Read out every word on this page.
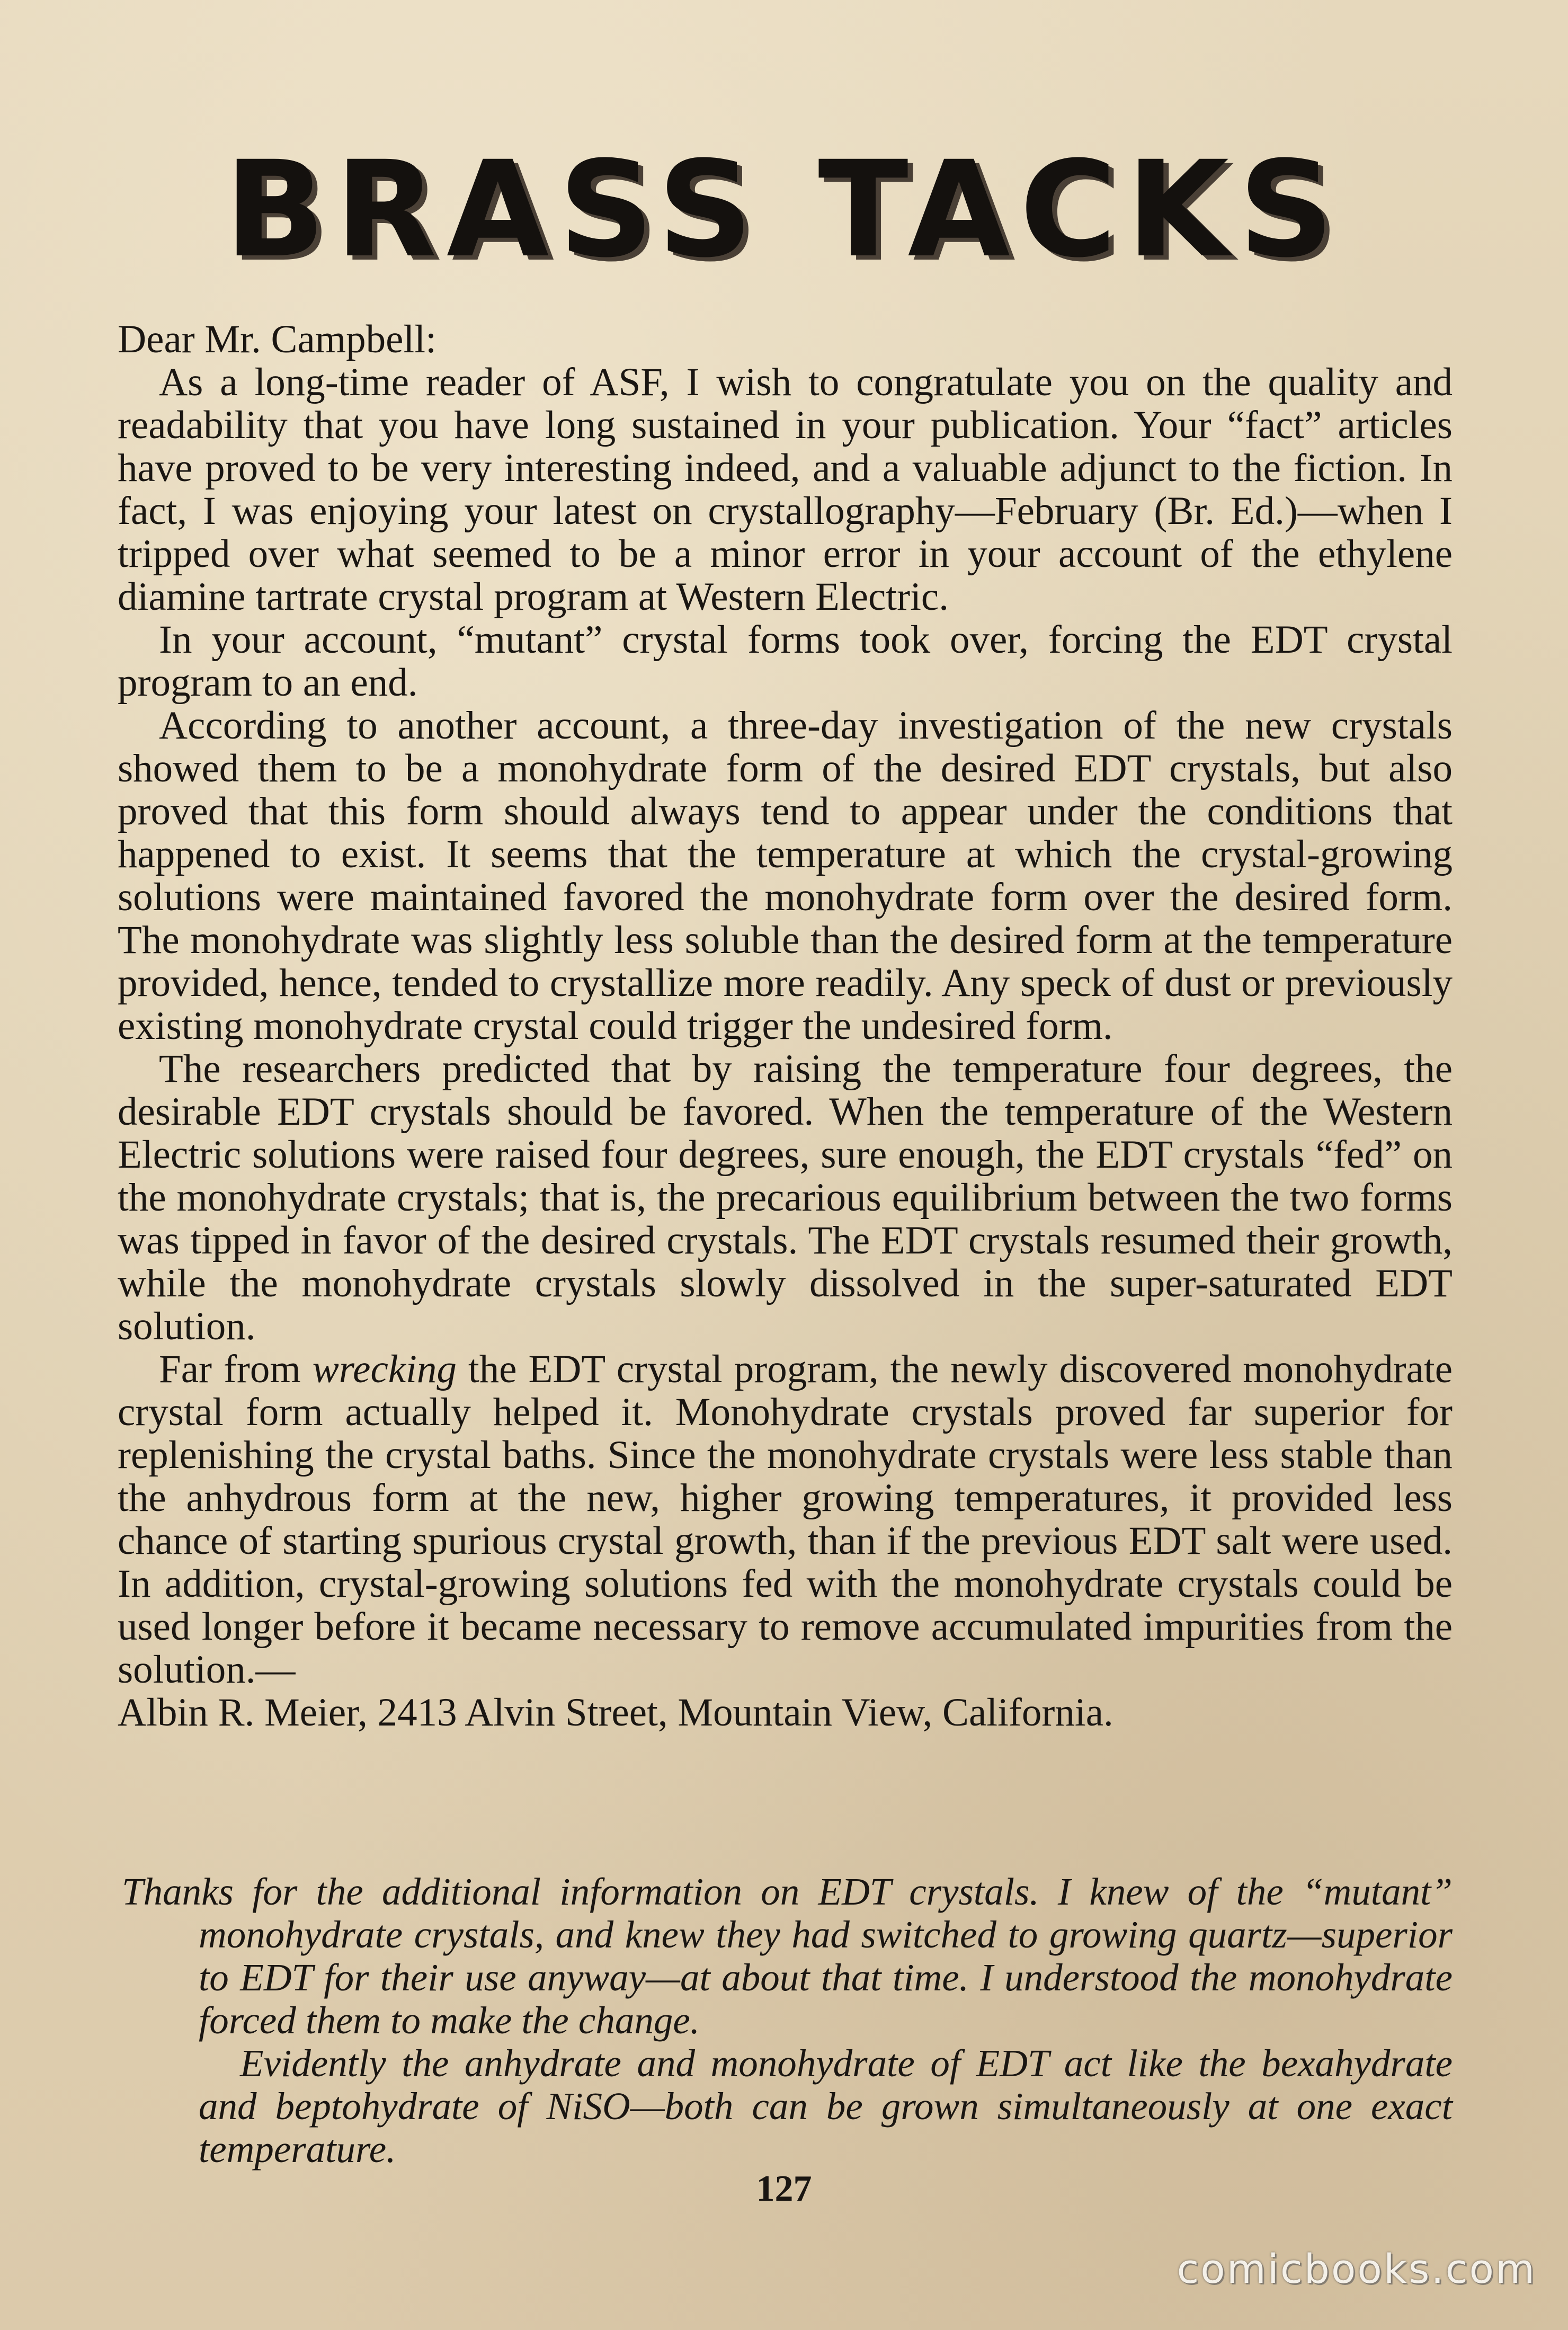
BRASS TACKS

Dear Mr. Campbell:

As a long-time reader of ASF, I wish to congratulate you on the quality and readability that you have long sustained in your publication. Your “fact” articles have proved to be very interesting indeed, and a valuable adjunct to the fiction. In fact, I was enjoying your latest on crystallography—February (Br. Ed.)—when I tripped over what seemed to be a minor error in your account of the ethylene diamine tartrate crystal program at Western Electric.

In your account, “mutant” crystal forms took over, forcing the EDT crystal program to an end.

According to another account, a three-day investigation of the new crystals showed them to be a monohydrate form of the desired EDT crystals, but also proved that this form should always tend to appear under the conditions that happened to exist. It seems that the temperature at which the crystal-growing solutions were maintained favored the monohydrate form over the desired form. The monohydrate was slightly less soluble than the desired form at the temperature provided, hence, tended to crystallize more readily. Any speck of dust or previously existing monohydrate crystal could trigger the undesired form.

The researchers predicted that by raising the temperature four degrees, the desirable EDT crystals should be favored. When the temperature of the Western Electric solutions were raised four degrees, sure enough, the EDT crystals “fed” on the monohydrate crystals; that is, the precarious equilibrium between the two forms was tipped in favor of the desired crystals. The EDT crystals resumed their growth, while the monohydrate crystals slowly dissolved in the super-saturated EDT solution.

Far from wrecking the EDT crystal program, the newly discovered monohydrate crystal form actually helped it. Monohydrate crystals proved far superior for replenishing the crystal baths. Since the monohydrate crystals were less stable than the anhydrous form at the new, higher growing temperatures, it provided less chance of starting spurious crystal growth, than if the previous EDT salt were used. In addition, crystal-growing solutions fed with the monohydrate crystals could be used longer before it became necessary to remove accumulated impurities from the solution.—

Albin R. Meier, 2413 Alvin Street, Mountain View, California.

Thanks for the additional information on EDT crystals. I knew of the “mutant” monohydrate crystals, and knew they had switched to growing quartz—superior to EDT for their use anyway—at about that time. I understood the monohydrate forced them to make the change.

Evidently the anhydrate and monohydrate of EDT act like the bexahydrate and beptohydrate of NiSO—both can be grown simultaneously at one exact temperature.

127
comicbooks.com
